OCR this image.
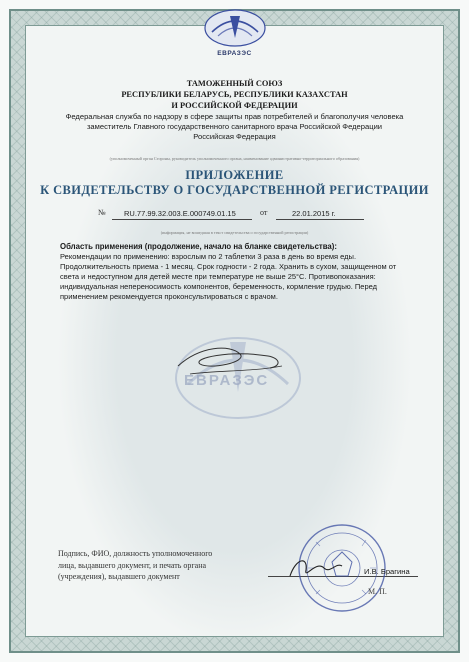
ЕВРАЗЭС
ТАМОЖЕННЫЙ СОЮЗ
РЕСПУБЛИКИ БЕЛАРУСЬ, РЕСПУБЛИКИ КАЗАХСТАН
И РОССИЙСКОЙ ФЕДЕРАЦИИ
Федеральная служба по надзору в сфере защиты прав потребителей и благополучия человека
заместитель Главного государственного санитарного врача Российской Федерации
Российская Федерация
(уполномоченный орган Стороны, руководитель уполномоченного органа, наименование административно-территориального образования)
ПРИЛОЖЕНИЕ
К СВИДЕТЕЛЬСТВУ О ГОСУДАРСТВЕННОЙ РЕГИСТРАЦИИ
№ RU.77.99.32.003.Е.000749.01.15	от	22.01.2015 г.
(информация, не вошедшая в текст свидетельства о государственной регистрации)
Область применения (продолжение, начало на бланке свидетельства):
Рекомендации по применению: взрослым по 2 таблетки 3 раза в день во время еды.
Продолжительность приема - 1 месяц. Срок годности - 2 года. Хранить в сухом, защищенном от
света и недоступном для детей месте при температуре не выше 25°С. Противопоказания:
индивидуальная непереносимость компонентов, беременность, кормление грудью. Перед
применением рекомендуется проконсультироваться с врачом.
ЕВРАЗЭС
Подпись, ФИО, должность уполномоченного
лица, выдавшего документ, и печать органа
(учреждения), выдавшего документ
И.В. Брагина
М. П.
